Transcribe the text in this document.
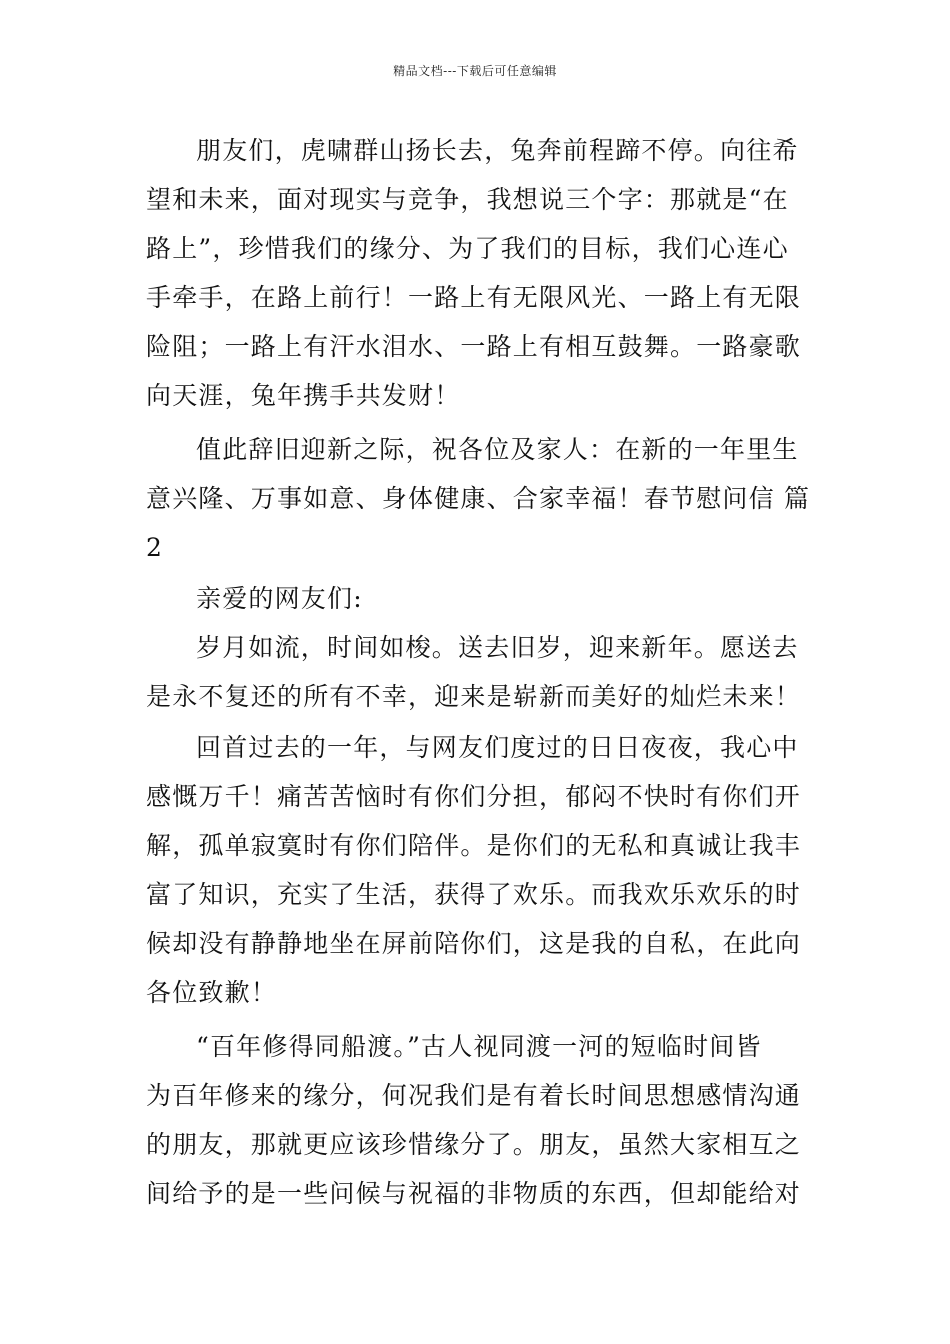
精品文档---下载后可任意编辑
朋友们，虎啸群山扬长去，兔奔前程蹄不停。向往希
望和未来，面对现实与竞争，我想说三个字：那就是“在
路上”，珍惜我们的缘分、为了我们的目标，我们心连心
手牵手，在路上前行！一路上有无限风光、一路上有无限
险阻；一路上有汗水泪水、一路上有相互鼓舞。一路豪歌
向天涯，兔年携手共发财！
值此辞旧迎新之际，祝各位及家人：在新的一年里生
意兴隆、万事如意、身体健康、合家幸福！春节慰问信 篇
2
亲爱的网友们:
岁月如流，时间如梭。送去旧岁，迎来新年。愿送去
是永不复还的所有不幸，迎来是崭新而美好的灿烂未来！
回首过去的一年，与网友们度过的日日夜夜，我心中
感慨万千！痛苦苦恼时有你们分担，郁闷不快时有你们开
解，孤单寂寞时有你们陪伴。是你们的无私和真诚让我丰
富了知识，充实了生活，获得了欢乐。而我欢乐欢乐的时
候却没有静静地坐在屏前陪你们，这是我的自私，在此向
各位致歉！
“百年修得同船渡。”古人视同渡一河的短临时间皆
为百年修来的缘分，何况我们是有着长时间思想感情沟通
的朋友，那就更应该珍惜缘分了。朋友，虽然大家相互之
间给予的是一些问候与祝福的非物质的东西，但却能给对
